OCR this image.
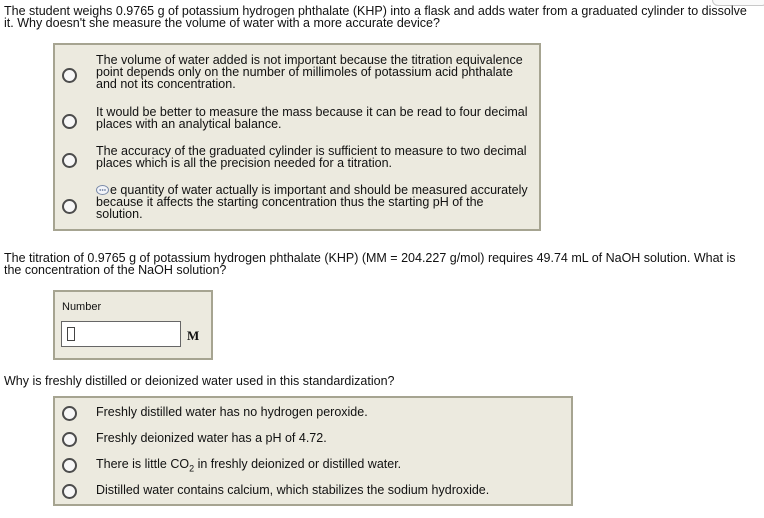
The student weighs 0.9765 g of potassium hydrogen phthalate (KHP) into a flask and adds water from a graduated cylinder to dissolve it. Why doesn't she measure the volume of water with a more accurate device?

The volume of water added is not important because the titration equivalence point depends only on the number of millimoles of potassium acid phthalate and not its concentration.
It would be better to measure the mass because it can be read to four decimal places with an analytical balance.
The accuracy of the graduated cylinder is sufficient to measure to two decimal places which is all the precision needed for a titration.
e quantity of water actually is important and should be measured accurately because it affects the starting concentration thus the starting pH of the solution.

The titration of 0.9765 g of potassium hydrogen phthalate (KHP) (MM = 204.227 g/mol) requires 49.74 mL of NaOH solution. What is the concentration of the NaOH solution?

Number
M

Why is freshly distilled or deionized water used in this standardization?

Freshly distilled water has no hydrogen peroxide.
Freshly deionized water has a pH of 4.72.
There is little $CO_2$ in freshly deionized or distilled water.
Distilled water contains calcium, which stabilizes the sodium hydroxide.
